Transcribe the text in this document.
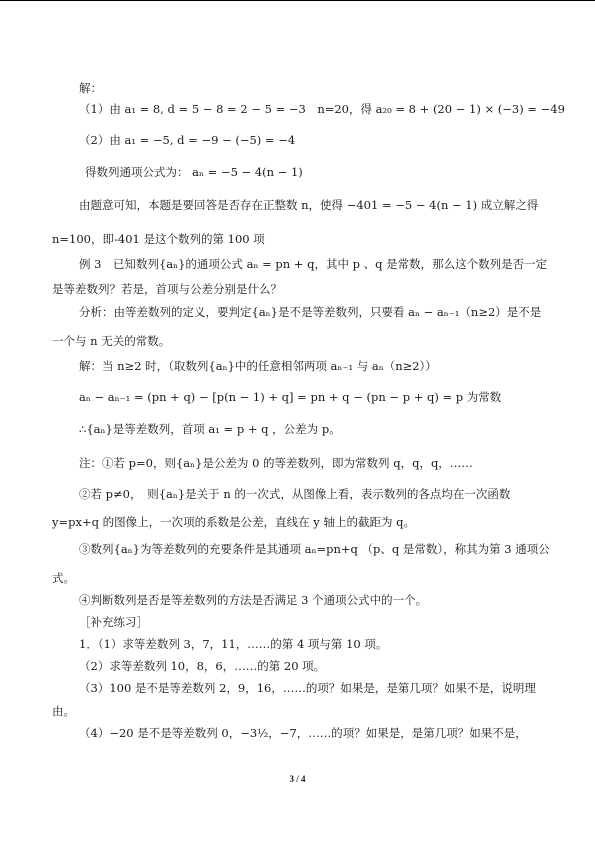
解：
（1）由 a₁ = 8, d = 5 − 8 = 2 − 5 = −3　n=20，得 a₂₀ = 8 + (20 − 1) × (−3) = −49
（2）由 a₁ = −5, d = −9 − (−5) = −4
得数列通项公式为： aₙ = −5 − 4(n − 1)
由题意可知，本题是要回答是否存在正整数 n，使得 −401 = −5 − 4(n − 1) 成立解之得
n=100，即-401 是这个数列的第 100 项
例 3　已知数列{aₙ}的通项公式 aₙ = pn + q，其中 p 、q 是常数，那么这个数列是否一定
是等差数列？若是，首项与公差分别是什么？
分析：由等差数列的定义，要判定{aₙ}是不是等差数列，只要看 aₙ − aₙ₋₁（n≥2）是不是
一个与 n 无关的常数。
解：当 n≥2 时，（取数列{aₙ}中的任意相邻两项 aₙ₋₁ 与 aₙ（n≥2））
aₙ − aₙ₋₁ = (pn + q) − [p(n − 1) + q] = pn + q − (pn − p + q) = p 为常数
∴{aₙ}是等差数列，首项 a₁ = p + q ，公差为 p。
注：①若 p=0，则{aₙ}是公差为 0 的等差数列，即为常数列 q，q，q，……
②若 p≠0，　则{aₙ}是关于 n 的一次式，从图像上看，表示数列的各点均在一次函数
y=px+q 的图像上，一次项的系数是公差，直线在 y 轴上的截距为 q。
③数列{aₙ}为等差数列的充要条件是其通项 aₙ=pn+q （p、q 是常数），称其为第 3 通项公
式。
④判断数列是否是等差数列的方法是否满足 3 个通项公式中的一个。
［补充练习］
1．（1）求等差数列 3，7，11，……的第 4 项与第 10 项。
（2）求等差数列 10，8，6，……的第 20 项。
（3）100 是不是等差数列 2，9，16，……的项？如果是，是第几项？如果不是，说明理
由。
（4）−20 是不是等差数列 0，−3½，−7，……的项？如果是，是第几项？如果不是，
3 / 4
